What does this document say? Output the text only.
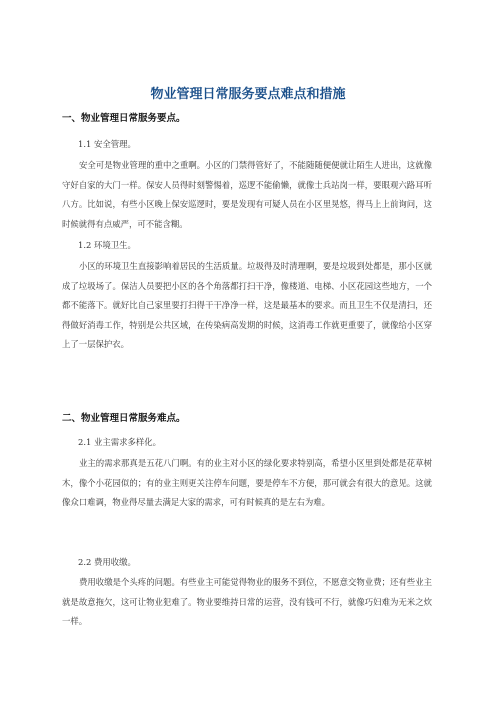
物业管理日常服务要点难点和措施
一、物业管理日常服务要点。
1.1 安全管理。
安全可是物业管理的重中之重啊。小区的门禁得管好了，不能随随便便就让陌生人进出，这就像守好自家的大门一样。保安人员得时刻警惕着，巡逻不能偷懒，就像士兵站岗一样，要眼观六路耳听八方。比如说，有些小区晚上保安巡逻时，要是发现有可疑人员在小区里晃悠，得马上上前询问，这时候就得有点威严，可不能含糊。
1.2 环境卫生。
小区的环境卫生直接影响着居民的生活质量。垃圾得及时清理啊，要是垃圾到处都是，那小区就成了垃圾场了。保洁人员要把小区的各个角落都打扫干净，像楼道、电梯、小区花园这些地方，一个都不能落下。就好比自己家里要打扫得干干净净一样，这是最基本的要求。而且卫生不仅是清扫，还得做好消毒工作，特别是公共区域，在传染病高发期的时候，这消毒工作就更重要了，就像给小区穿上了一层保护衣。
二、物业管理日常服务难点。
2.1 业主需求多样化。
业主的需求那真是五花八门啊。有的业主对小区的绿化要求特别高，希望小区里到处都是花草树木，像个小花园似的；有的业主则更关注停车问题，要是停车不方便，那可就会有很大的意见。这就像众口难调，物业得尽量去满足大家的需求，可有时候真的是左右为难。
2.2 费用收缴。
费用收缴是个头疼的问题。有些业主可能觉得物业的服务不到位，不愿意交物业费；还有些业主就是故意拖欠，这可让物业犯难了。物业要维持日常的运营，没有钱可不行，就像巧妇难为无米之炊一样。
